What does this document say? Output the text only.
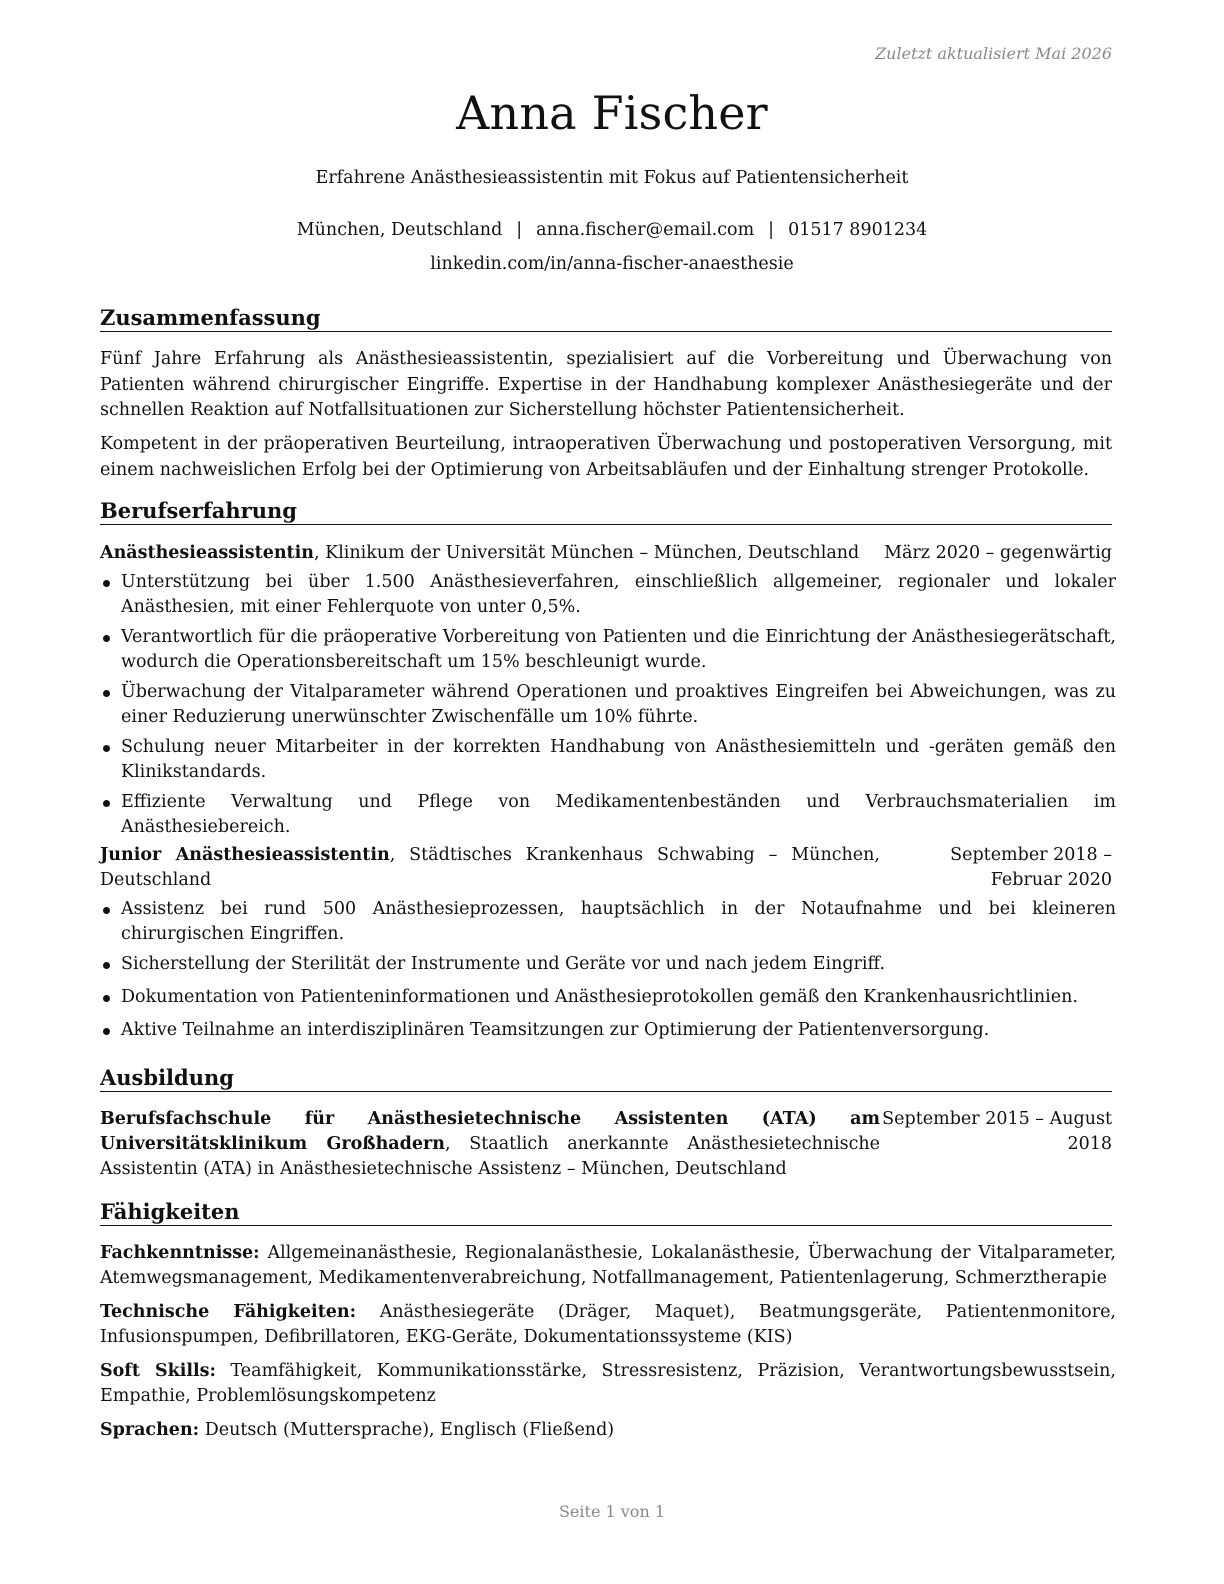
Zuletzt aktualisiert Mai 2026
Anna Fischer
Erfahrene Anästhesieassistentin mit Fokus auf Patientensicherheit
München, Deutschland | anna.fischer@email.com | 01517 8901234
linkedin.com/in/anna-fischer-anaesthesie
Zusammenfassung

Fünf Jahre Erfahrung als Anästhesieassistentin, spezialisiert auf die Vorbereitung und Überwachung von Patienten während chirurgischer Eingriffe. Expertise in der Handhabung komplexer Anästhesiegeräte und der schnellen Reaktion auf Notfallsituationen zur Sicherstellung höchster Patientensicherheit.

Kompetent in der präoperativen Beurteilung, intraoperativen Überwachung und postoperativen Versorgung, mit einem nachweislichen Erfolg bei der Optimierung von Arbeitsabläufen und der Einhaltung strenger Protokolle.

Berufserfahrung
Anästhesieassistentin, Klinikum der Universität München – München, Deutschland	März 2020 – gegenwärtig
Unterstützung bei über 1.500 Anästhesieverfahren, einschließlich allgemeiner, regionaler und lokaler Anästhesien, mit einer Fehlerquote von unter 0,5%.
Verantwortlich für die präoperative Vorbereitung von Patienten und die Einrichtung der Anästhesiegerätschaft, wodurch die Operationsbereitschaft um 15% beschleunigt wurde.
Überwachung der Vitalparameter während Operationen und proaktives Eingreifen bei Abweichungen, was zu einer Reduzierung unerwünschter Zwischenfälle um 10% führte.
Schulung neuer Mitarbeiter in der korrekten Handhabung von Anästhesiemitteln und -geräten gemäß den Klinikstandards.
Effiziente Verwaltung und Pflege von Medikamentenbeständen und Verbrauchsmaterialien im Anästhesiebereich.
Junior Anästhesieassistentin, Städtisches Krankenhaus Schwabing – München, Deutschland
September 2018 – Februar 2020
Assistenz bei rund 500 Anästhesieprozessen, hauptsächlich in der Notaufnahme und bei kleineren chirurgischen Eingriffen.
Sicherstellung der Sterilität der Instrumente und Geräte vor und nach jedem Eingriff.
Dokumentation von Patienteninformationen und Anästhesieprotokollen gemäß den Krankenhausrichtlinien.
Aktive Teilnahme an interdisziplinären Teamsitzungen zur Optimierung der Patientenversorgung.
Ausbildung
Berufsfachschule für Anästhesietechnische Assistenten (ATA) am Universitätsklinikum Großhadern, Staatlich anerkannte Anästhesietechnische Assistentin (ATA) in Anästhesietechnische Assistenz – München, Deutschland
September 2015 – August 2018
Fähigkeiten
Fachkenntnisse: Allgemeinanästhesie, Regionalanästhesie, Lokalanästhesie, Überwachung der Vitalparameter, Atemwegsmanagement, Medikamentenverabreichung, Notfallmanagement, Patientenlagerung, Schmerztherapie
Technische Fähigkeiten: Anästhesiegeräte (Dräger, Maquet), Beatmungsgeräte, Patientenmonitore, Infusionspumpen, Defibrillatoren, EKG-Geräte, Dokumentationssysteme (KIS)
Soft Skills: Teamfähigkeit, Kommunikationsstärke, Stressresistenz, Präzision, Verantwortungsbewusstsein, Empathie, Problemlösungskompetenz
Sprachen: Deutsch (Muttersprache), Englisch (Fließend)
Seite 1 von 1
